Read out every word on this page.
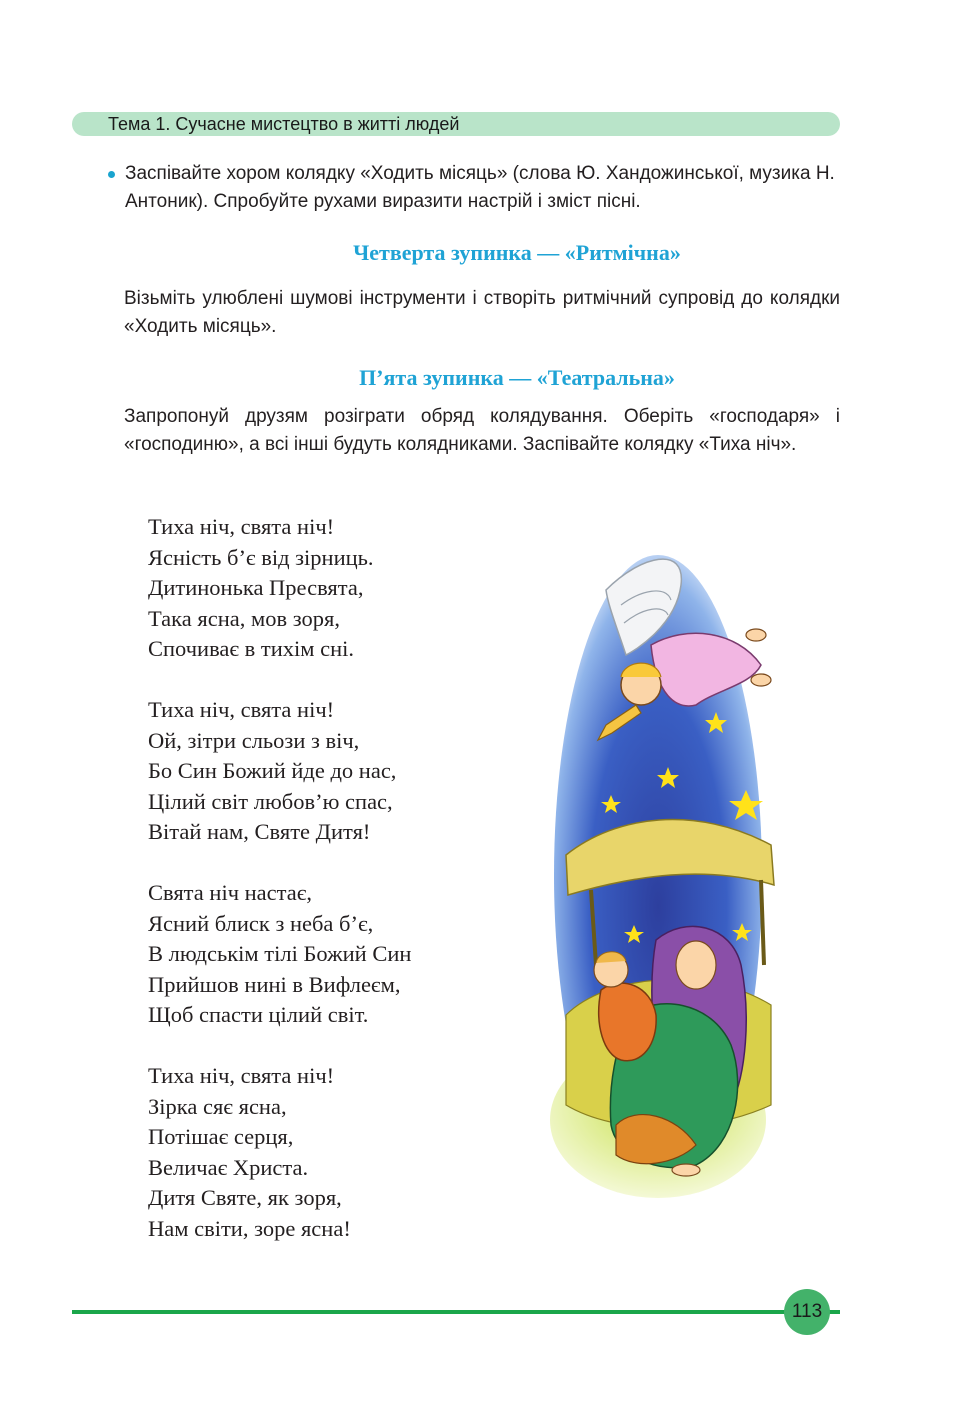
Тема 1. Сучасне мистецтво в житті людей
Заспівайте хором колядку «Ходить місяць» (слова Ю. Хандожинської, музика Н. Антоник). Спробуйте рухами виразити настрій і зміст пісні.
Четверта зупинка — «Ритмічна»
Візьміть улюблені шумові інструменти і створіть ритмічний супровід до колядки «Ходить місяць».
П’ята зупинка — «Театральна»
Запропонуй друзям розіграти обряд колядування. Оберіть «господаря» і «господиню», а всі інші будуть колядниками. Заспівайте колядку «Тиха ніч».
Тиха ніч, свята ніч!
Ясність б’є від зірниць.
Дитинонька Пресвята,
Така ясна, мов зоря,
Спочиває в тихім сні.
Тиха ніч, свята ніч!
Ой, зітри сльози з віч,
Бо Син Божий йде до нас,
Цілий світ любов’ю спас,
Вітай нам, Святе Дитя!
Свята ніч настає,
Ясний блиск з неба б’є,
В людськім тілі Божий Син
Прийшов нині в Вифлеєм,
Щоб спасти цілий світ.
Тиха ніч, свята ніч!
Зірка сяє ясна,
Потішає серця,
Величає Христа.
Дитя Святе, як зоря,
Нам світи, зоре ясна!
113
